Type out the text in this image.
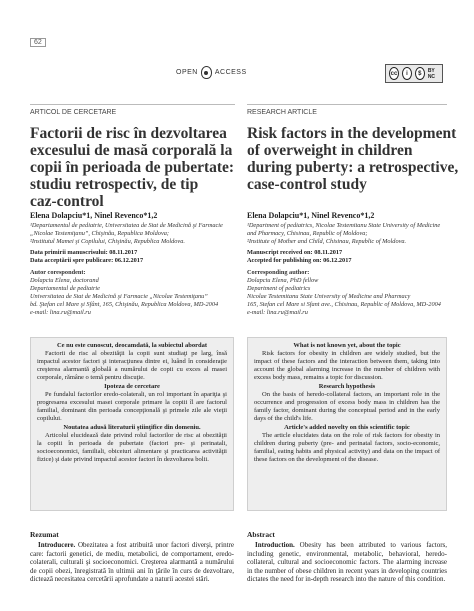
62
OPEN ACCESS	cc	i	$	BY NC
ARTICOL DE CERCETARE
Factorii de risc în dezvoltarea
excesului de masă corporală la
copii în perioada de pubertate:
studiu retrospectiv, de tip
caz-control
Elena Dolapciu*1, Ninel Revenco*1,2
¹Departamentul de pediatrie, Universitatea de Stat de Medicină şi Farmacie
„Nicolae Testemiţanu”, Chişinău, Republica Moldova;
²Institutul Mamei şi Copilului, Chişinău, Republica Moldova.
Data primirii manuscrisului: 08.11.2017
Data acceptării spre publicare: 06.12.2017
Autor corespondent:
Dolapciu Elena, doctorand
Departamentul de pediatrie
Universitatea de Stat de Medicină şi Farmacie „Nicolae Testemiţanu”
bd. Ştefan cel Mare şi Sfânt, 165, Chişinău, Republica Moldova, MD-2004
e-mail: lina.ru@mail.ru
RESEARCH ARTICLE
Risk factors in the development
of overweight in children
during puberty: a retrospective,
case-control study
Elena Dolapciu*1, Ninel Revenco*1,2
¹Department of pediatrics, Nicolae Testemitanu State University of Medicine
and Pharmacy, Chisinau, Republic of Moldova;
²Institute of Mother and Child, Chisinau, Republic of Moldova.
Manuscript received on: 08.11.2017
Accepted for publishing on: 06.12.2017
Corresponding author:
Dolapciu Elena, PhD fellow
Department of pediatrics
Nicolae Testemitanu State University of Medicine and Pharmacy
165, Stefan cel Mare si Sfant ave., Chisinau, Republic of Moldova, MD-2004
e-mail: lina.ru@mail.ru
Ce nu este cunoscut, deocamdată, la subiectul abordat

Factorii de risc al obezităţii la copii sunt studiaţi pe larg, însă impactul acestor factori şi interacţiunea dintre ei, luând în consideraţie creşterea alarmantă globală a numărului de copii cu exces al masei corporale, rămâne o temă pentru discuţie.

Ipoteza de cercetare

Pe fundalul factorilor eredo-colaterali, un rol important în apariţia şi progresarea excesului masei corporale primare la copiii îl are factorul familial, dominant din perioada concepţională şi primele zile ale vieţii copilului.

Noutatea adusă literaturii ştiinţifice din domeniu.

Articolul elucidează date privind rolul factorilor de risc ai obezităţii la copiii în perioada de pubertate (factori pre- şi perinatali, socioeconomici, familiali, obiceiuri alimentare şi practicarea activităţii fizice) şi date privind impactul acestor factori în dezvoltarea bolii.

What is not known yet, about the topic

Risk factors for obesity in children are widely studied, but the impact of these factors and the interaction between them, taking into account the global alarming increase in the number of children with excess body mass, remains a topic for discussion.

Research hypothesis

On the basis of heredo-collateral factors, an important role in the occurrence and progression of excess body mass in children has the family factor, dominant during the conceptual period and in the early days of the child's life.

Article's added novelty on this scientific topic

The article elucidates data on the role of risk factors for obesity in children during puberty (pre- and perinatal factors, socio-economic, familial, eating habits and physical activity) and data on the impact of these factors on the development of the disease.

Rezumat

Introducere. Obezitatea a fost atribuită unor factori diverşi, printre care: factorii genetici, de mediu, metabolici, de comportament, eredo-colaterali, culturali şi socioeconomici. Creşterea alarmantă a numărului de copii obezi, înregistrată în ultimii ani în ţările în curs de dezvoltare, dictează necesitatea cercetării aprofundate a naturii acestei stări.

Abstract

Introduction. Obesity has been attributed to various factors, including genetic, environmental, metabolic, behavioral, heredo-collateral, cultural and socioeconomic factors. The alarming increase in the number of obese children in recent years in developing countries dictates the need for in-depth research into the nature of this condition.
